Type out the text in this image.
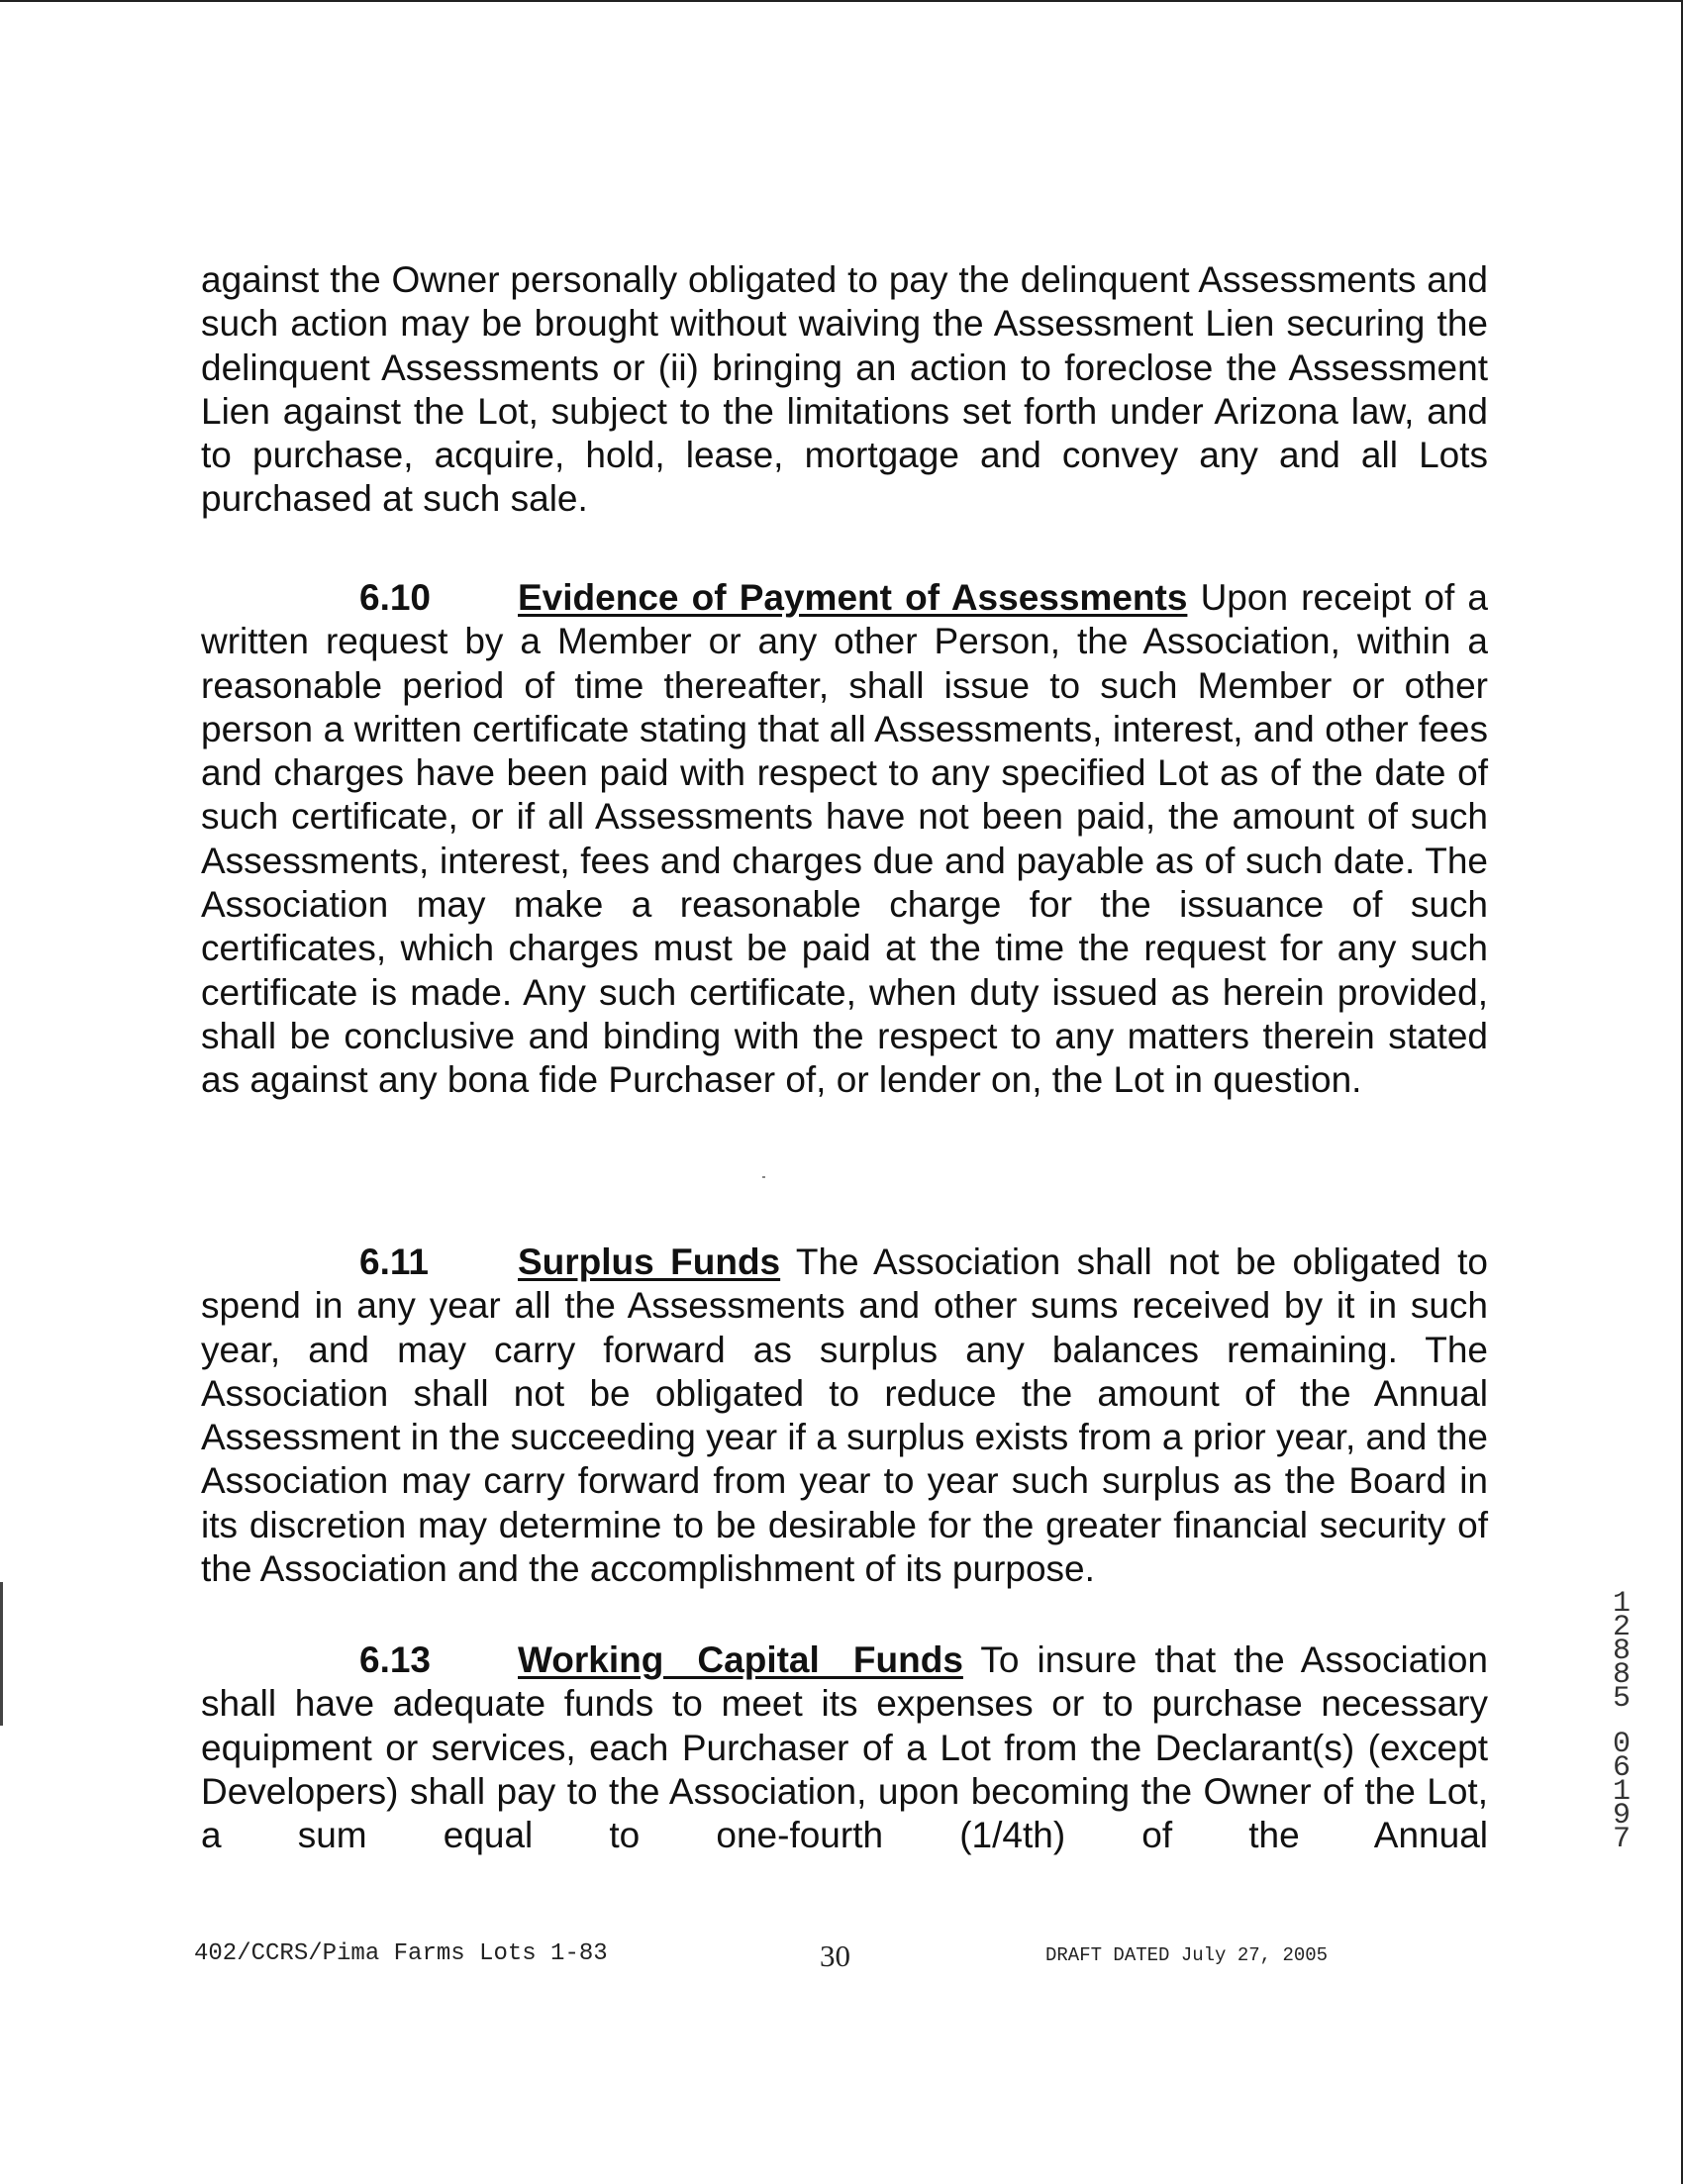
against the Owner personally obligated to pay the delinquent Assessments and such action may be brought without waiving the Assessment Lien securing the delinquent Assessments or (ii) bringing an action to foreclose the Assessment Lien against the Lot, subject to the limitations set forth under Arizona law, and to purchase, acquire, hold, lease, mortgage and convey any and all Lots purchased at such sale.

6.10 Evidence of Payment of Assessments Upon receipt of a written request by a Member or any other Person, the Association, within a reasonable period of time thereafter, shall issue to such Member or other person a written certificate stating that all Assessments, interest, and other fees and charges have been paid with respect to any specified Lot as of the date of such certificate, or if all Assessments have not been paid, the amount of such Assessments, interest, fees and charges due and payable as of such date. The Association may make a reasonable charge for the issuance of such certificates, which charges must be paid at the time the request for any such certificate is made. Any such certificate, when duty issued as herein provided, shall be conclusive and binding with the respect to any matters therein stated as against any bona fide Purchaser of, or lender on, the Lot in question.

6.11 Surplus Funds The Association shall not be obligated to spend in any year all the Assessments and other sums received by it in such year, and may carry forward as surplus any balances remaining. The Association shall not be obligated to reduce the amount of the Annual Assessment in the succeeding year if a surplus exists from a prior year, and the Association may carry forward from year to year such surplus as the Board in its discretion may determine to be desirable for the greater financial security of the Association and the accomplishment of its purpose.

6.13 Working Capital Funds To insure that the Association shall have adequate funds to meet its expenses or to purchase necessary equipment or services, each Purchaser of a Lot from the Declarant(s) (except Developers) shall pay to the Association, upon becoming the Owner of the Lot, a sum equal to one-fourth (1/4th) of the Annual

402/CCRS/Pima Farms Lots 1-83	30	DRAFT DATED July 27, 2005
1
2
8
8
5
0
6
1
9
7
